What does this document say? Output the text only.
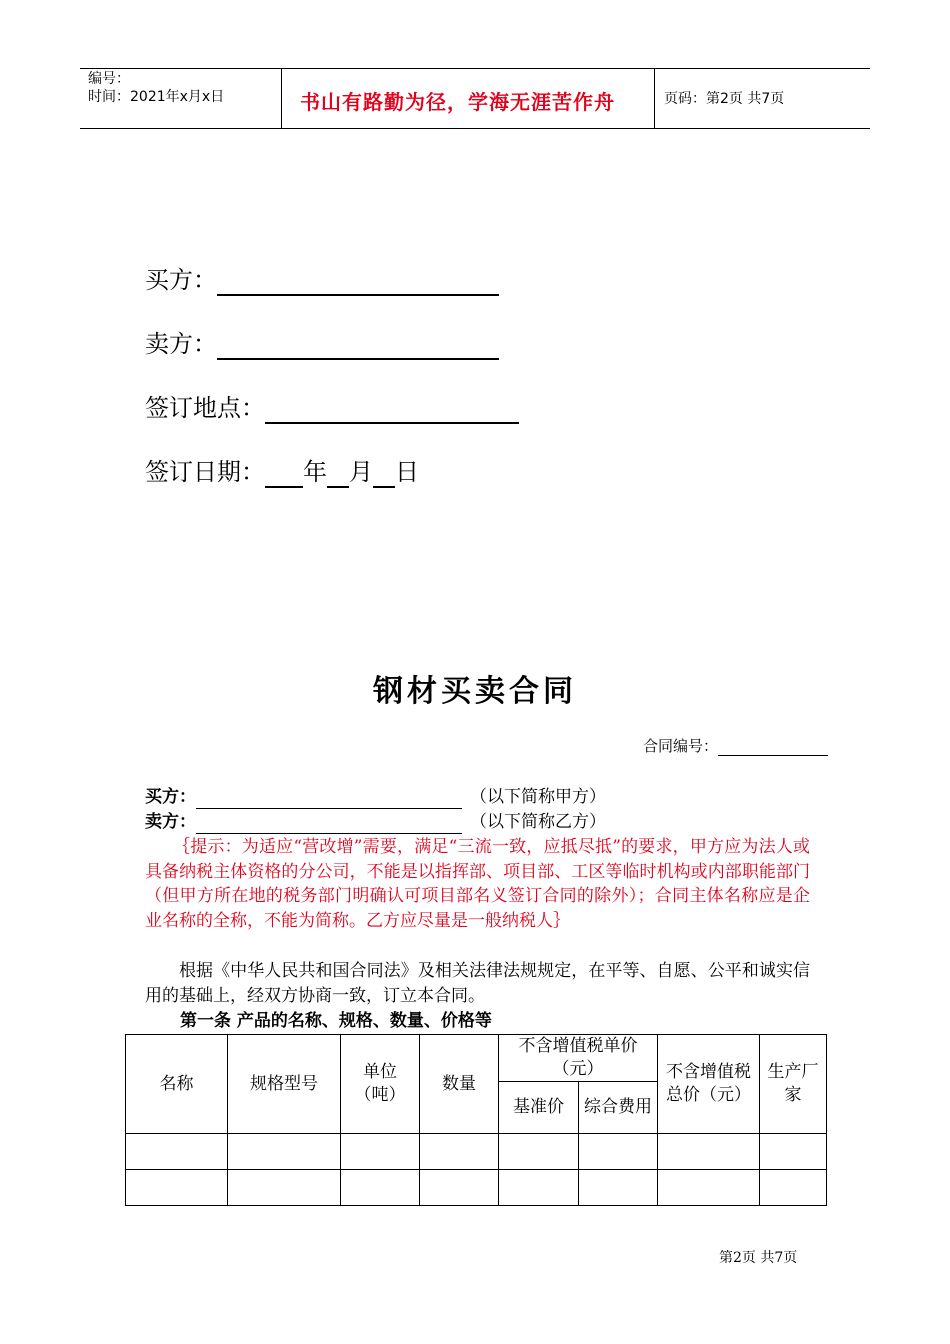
编号：
时间：2021年x月x日	书山有路勤为径，学海无涯苦作舟	页码：第2页 共7页
买方：
卖方：
签订地点：
签订日期： 年 月 日
钢材买卖合同
合同编号：
买方：	（以下简称甲方）
卖方：	（以下简称乙方）
｛提示：为适应“营改增”需要，满足“三流一致，应抵尽抵”的要求，甲方应为法人或具备纳税主体资格的分公司，不能是以指挥部、项目部、工区等临时机构或内部职能部门（但甲方所在地的税务部门明确认可项目部名义签订合同的除外）；合同主体名称应是企业名称的全称，不能为简称。乙方应尽量是一般纳税人｝
根据《中华人民共和国合同法》及相关法律法规规定，在平等、自愿、公平和诚实信用的基础上，经双方协商一致，订立本合同。
第一条 产品的名称、规格、数量、价格等
名称	规格型号	单位（吨）	数量	不含增值税单价（元）		不含增值税总价（元）	生产厂家
				基准价	综合费用		

第2页 共7页
